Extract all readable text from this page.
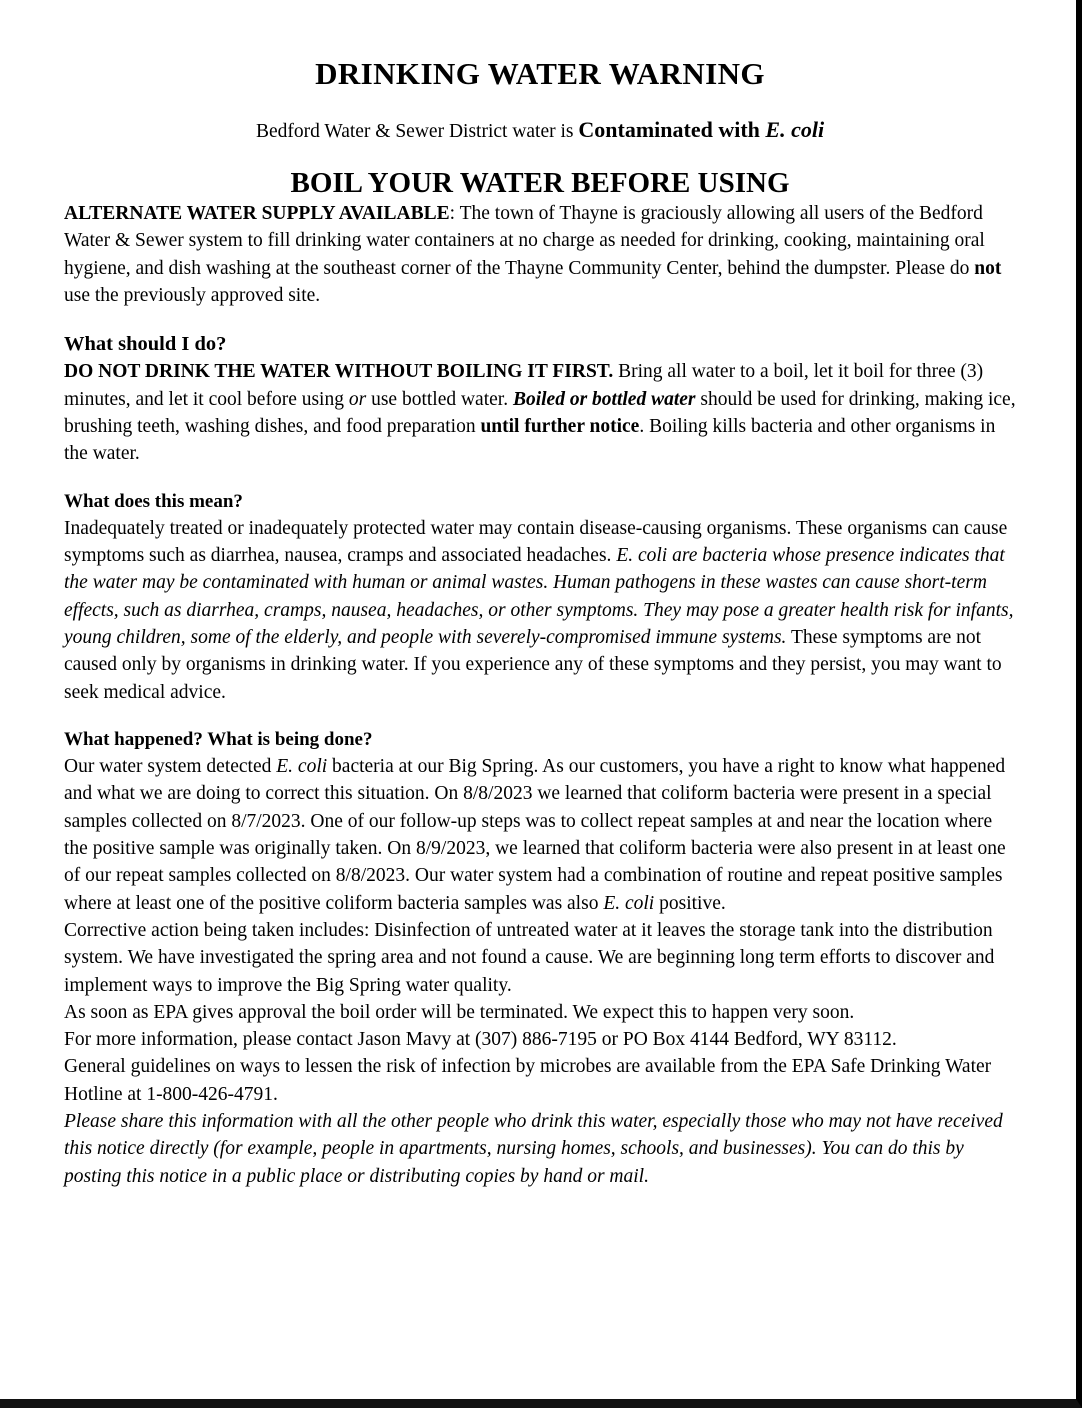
DRINKING WATER WARNING

Bedford Water & Sewer District water is Contaminated with E. coli

BOIL YOUR WATER BEFORE USING

ALTERNATE WATER SUPPLY AVAILABLE: The town of Thayne is graciously allowing all users of the Bedford Water & Sewer system to fill drinking water containers at no charge as needed for drinking, cooking, maintaining oral hygiene, and dish washing at the southeast corner of the Thayne Community Center, behind the dumpster. Please do not use the previously approved site.

What should I do?

DO NOT DRINK THE WATER WITHOUT BOILING IT FIRST. Bring all water to a boil, let it boil for three (3) minutes, and let it cool before using or use bottled water. Boiled or bottled water should be used for drinking, making ice, brushing teeth, washing dishes, and food preparation until further notice. Boiling kills bacteria and other organisms in the water.

What does this mean?

Inadequately treated or inadequately protected water may contain disease-causing organisms. These organisms can cause symptoms such as diarrhea, nausea, cramps and associated headaches. E. coli are bacteria whose presence indicates that the water may be contaminated with human or animal wastes. Human pathogens in these wastes can cause short-term effects, such as diarrhea, cramps, nausea, headaches, or other symptoms. They may pose a greater health risk for infants, young children, some of the elderly, and people with severely-compromised immune systems. These symptoms are not caused only by organisms in drinking water. If you experience any of these symptoms and they persist, you may want to seek medical advice.

What happened? What is being done?

Our water system detected E. coli bacteria at our Big Spring. As our customers, you have a right to know what happened and what we are doing to correct this situation. On 8/8/2023 we learned that coliform bacteria were present in a special samples collected on 8/7/2023. One of our follow-up steps was to collect repeat samples at and near the location where the positive sample was originally taken. On 8/9/2023, we learned that coliform bacteria were also present in at least one of our repeat samples collected on 8/8/2023. Our water system had a combination of routine and repeat positive samples where at least one of the positive coliform bacteria samples was also E. coli positive.

Corrective action being taken includes: Disinfection of untreated water at it leaves the storage tank into the distribution system. We have investigated the spring area and not found a cause. We are beginning long term efforts to discover and implement ways to improve the Big Spring water quality.

As soon as EPA gives approval the boil order will be terminated. We expect this to happen very soon.

For more information, please contact Jason Mavy at (307) 886-7195 or PO Box 4144 Bedford, WY 83112.

General guidelines on ways to lessen the risk of infection by microbes are available from the EPA Safe Drinking Water Hotline at 1-800-426-4791.

Please share this information with all the other people who drink this water, especially those who may not have received this notice directly (for example, people in apartments, nursing homes, schools, and businesses). You can do this by posting this notice in a public place or distributing copies by hand or mail.
